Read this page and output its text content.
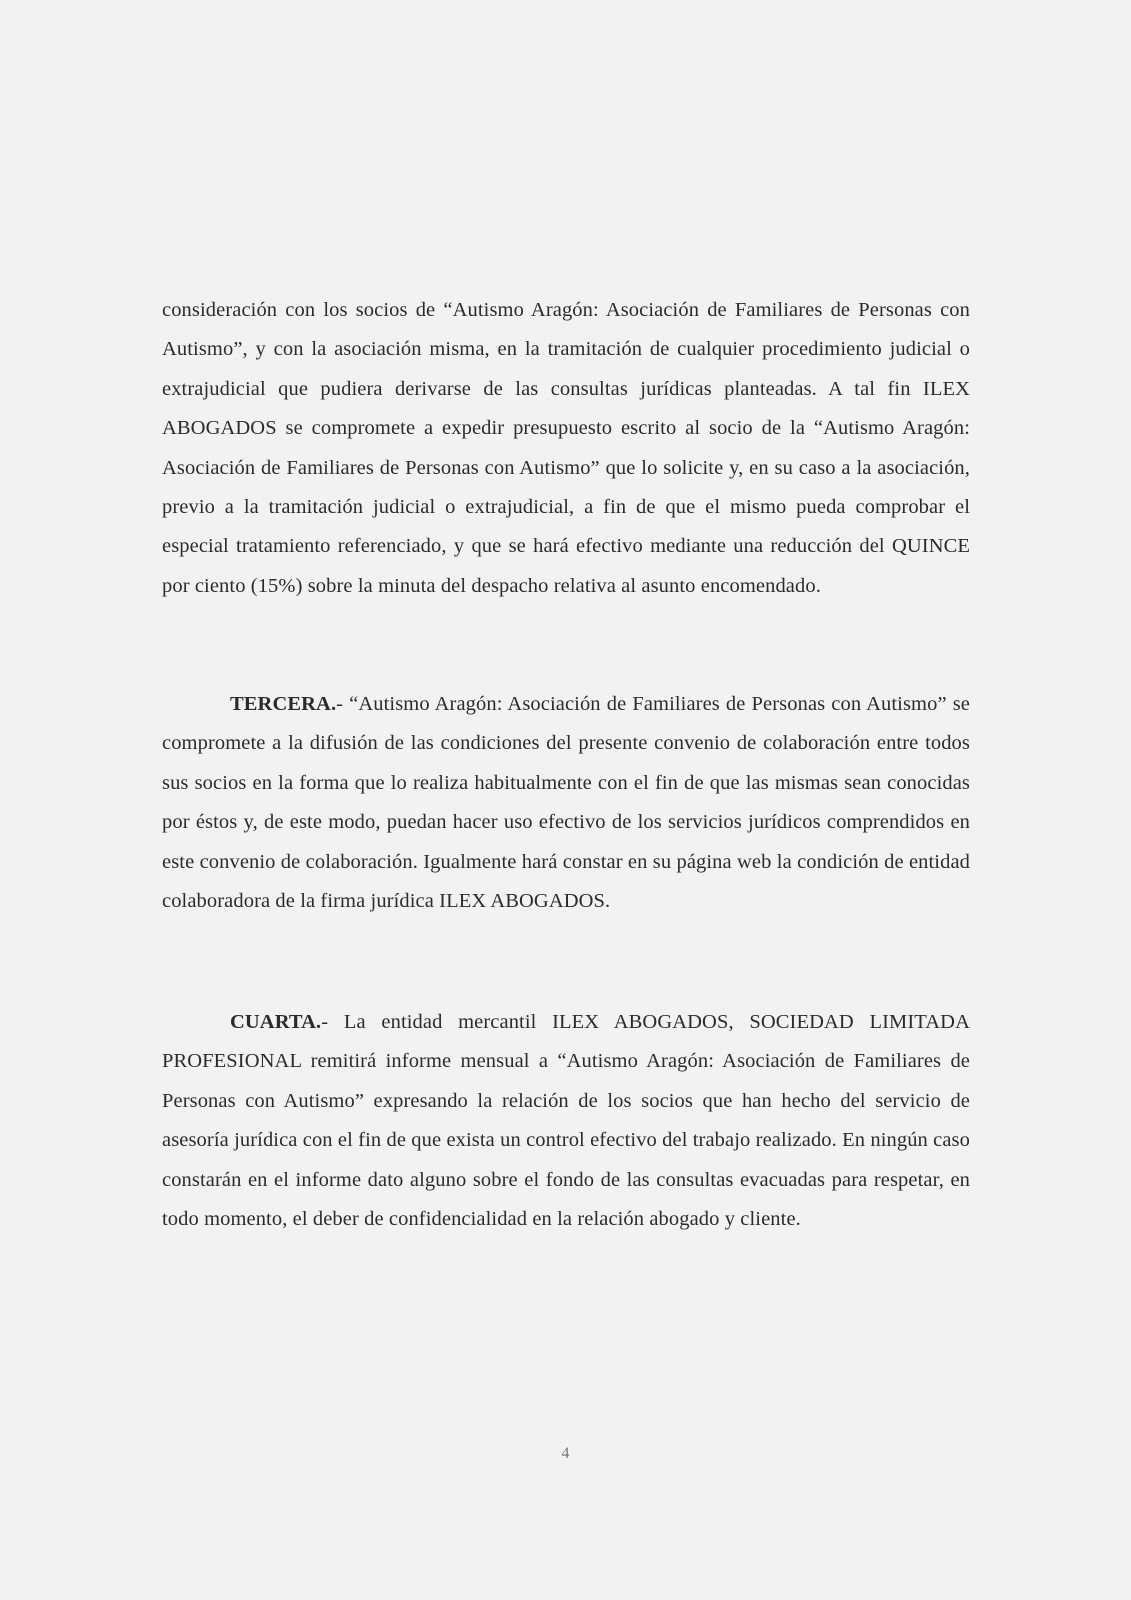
consideración con los socios de “Autismo Aragón: Asociación de Familiares de Personas con Autismo”, y con la asociación misma, en la tramitación de cualquier procedimiento judicial o extrajudicial que pudiera derivarse de las consultas jurídicas planteadas. A tal fin ILEX ABOGADOS se compromete a expedir presupuesto escrito al socio de la “Autismo Aragón: Asociación de Familiares de Personas con Autismo” que lo solicite y, en su caso a la asociación, previo a la tramitación judicial o extrajudicial, a fin de que el mismo pueda comprobar el especial tratamiento referenciado, y que se hará efectivo mediante una reducción del QUINCE por ciento (15%) sobre la minuta del despacho relativa al asunto encomendado.

TERCERA.- “Autismo Aragón: Asociación de Familiares de Personas con Autismo” se compromete a la difusión de las condiciones del presente convenio de colaboración entre todos sus socios en la forma que lo realiza habitualmente con el fin de que las mismas sean conocidas por éstos y, de este modo, puedan hacer uso efectivo de los servicios jurídicos comprendidos en este convenio de colaboración. Igualmente hará constar en su página web la condición de entidad colaboradora de la firma jurídica ILEX ABOGADOS.

CUARTA.- La entidad mercantil ILEX ABOGADOS, SOCIEDAD LIMITADA PROFESIONAL remitirá informe mensual a “Autismo Aragón: Asociación de Familiares de Personas con Autismo” expresando la relación de los socios que han hecho del servicio de asesoría jurídica con el fin de que exista un control efectivo del trabajo realizado. En ningún caso constarán en el informe dato alguno sobre el fondo de las consultas evacuadas para respetar, en todo momento, el deber de confidencialidad en la relación abogado y cliente.

4
